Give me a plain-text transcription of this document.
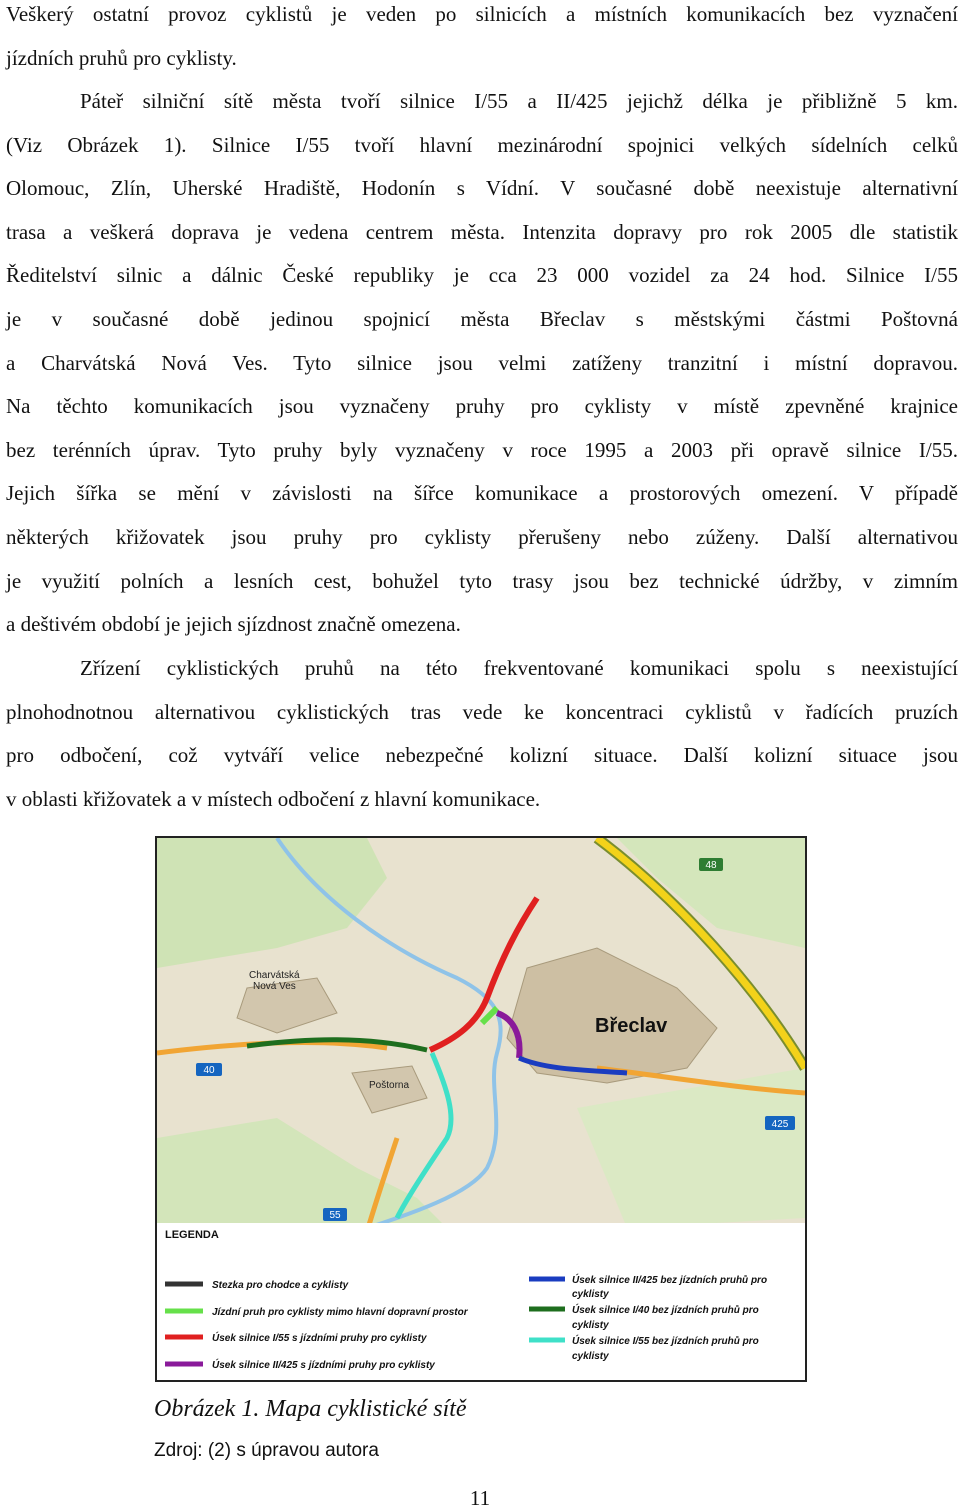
Veškerý ostatní provoz cyklistů je veden po silnicích a místních komunikacích bez vyznačení
jízdních pruhů pro cyklisty.
Páteř silniční sítě města tvoří silnice I/55 a II/425 jejichž délka je přibližně 5 km.
(Viz Obrázek 1). Silnice I/55 tvoří hlavní mezinárodní spojnici velkých sídelních celků
Olomouc, Zlín, Uherské Hradiště, Hodonín s Vídní. V současné době neexistuje alternativní
trasa a veškerá doprava je vedena centrem města. Intenzita dopravy pro rok 2005 dle statistik
Ředitelství silnic a dálnic České republiky je cca 23 000 vozidel za 24 hod. Silnice I/55
je v současné době jedinou spojnicí města Břeclav s městskými částmi Poštovná
a Charvátská Nová Ves. Tyto silnice jsou velmi zatíženy tranzitní i místní dopravou.
Na těchto komunikacích jsou vyznačeny pruhy pro cyklisty v místě zpevněné krajnice
bez terénních úprav. Tyto pruhy byly vyznačeny v roce 1995 a 2003 při opravě silnice I/55.
Jejich šířka se mění v závislosti na šířce komunikace a prostorových omezení. V případě
některých křižovatek jsou pruhy pro cyklisty přerušeny nebo zúženy. Další alternativou
je využití polních a lesních cest, bohužel tyto trasy jsou bez technické údržby, v zimním
a deštivém období je jejich sjízdnost značně omezena.
Zřízení cyklistických pruhů na této frekventované komunikaci spolu s neexistující
plnohodnotnou alternativou cyklistických tras vede ke koncentraci cyklistů v řadících pruzích
pro odbočení, což vytváří velice nebezpečné kolizní situace. Další kolizní situace jsou
v oblasti křižovatek a v místech odbočení z hlavní komunikace.
48
40
425
55
Charvátská
Nová Ves
Poštorna
Břeclav
LEGENDA
Stezka pro chodce a cyklisty
Jízdní pruh pro cyklisty mimo hlavní dopravní prostor
Úsek silnice I/55 s jízdními pruhy pro cyklisty
Úsek silnice II/425 s jízdními pruhy pro cyklisty
Úsek silnice II/425 bez jízdních pruhů pro
cyklisty
Úsek silnice I/40 bez jízdních pruhů pro
cyklisty
Úsek silnice I/55 bez jízdních pruhů pro
cyklisty
Obrázek 1. Mapa cyklistické sítě
Zdroj: (2) s úpravou autora
11
